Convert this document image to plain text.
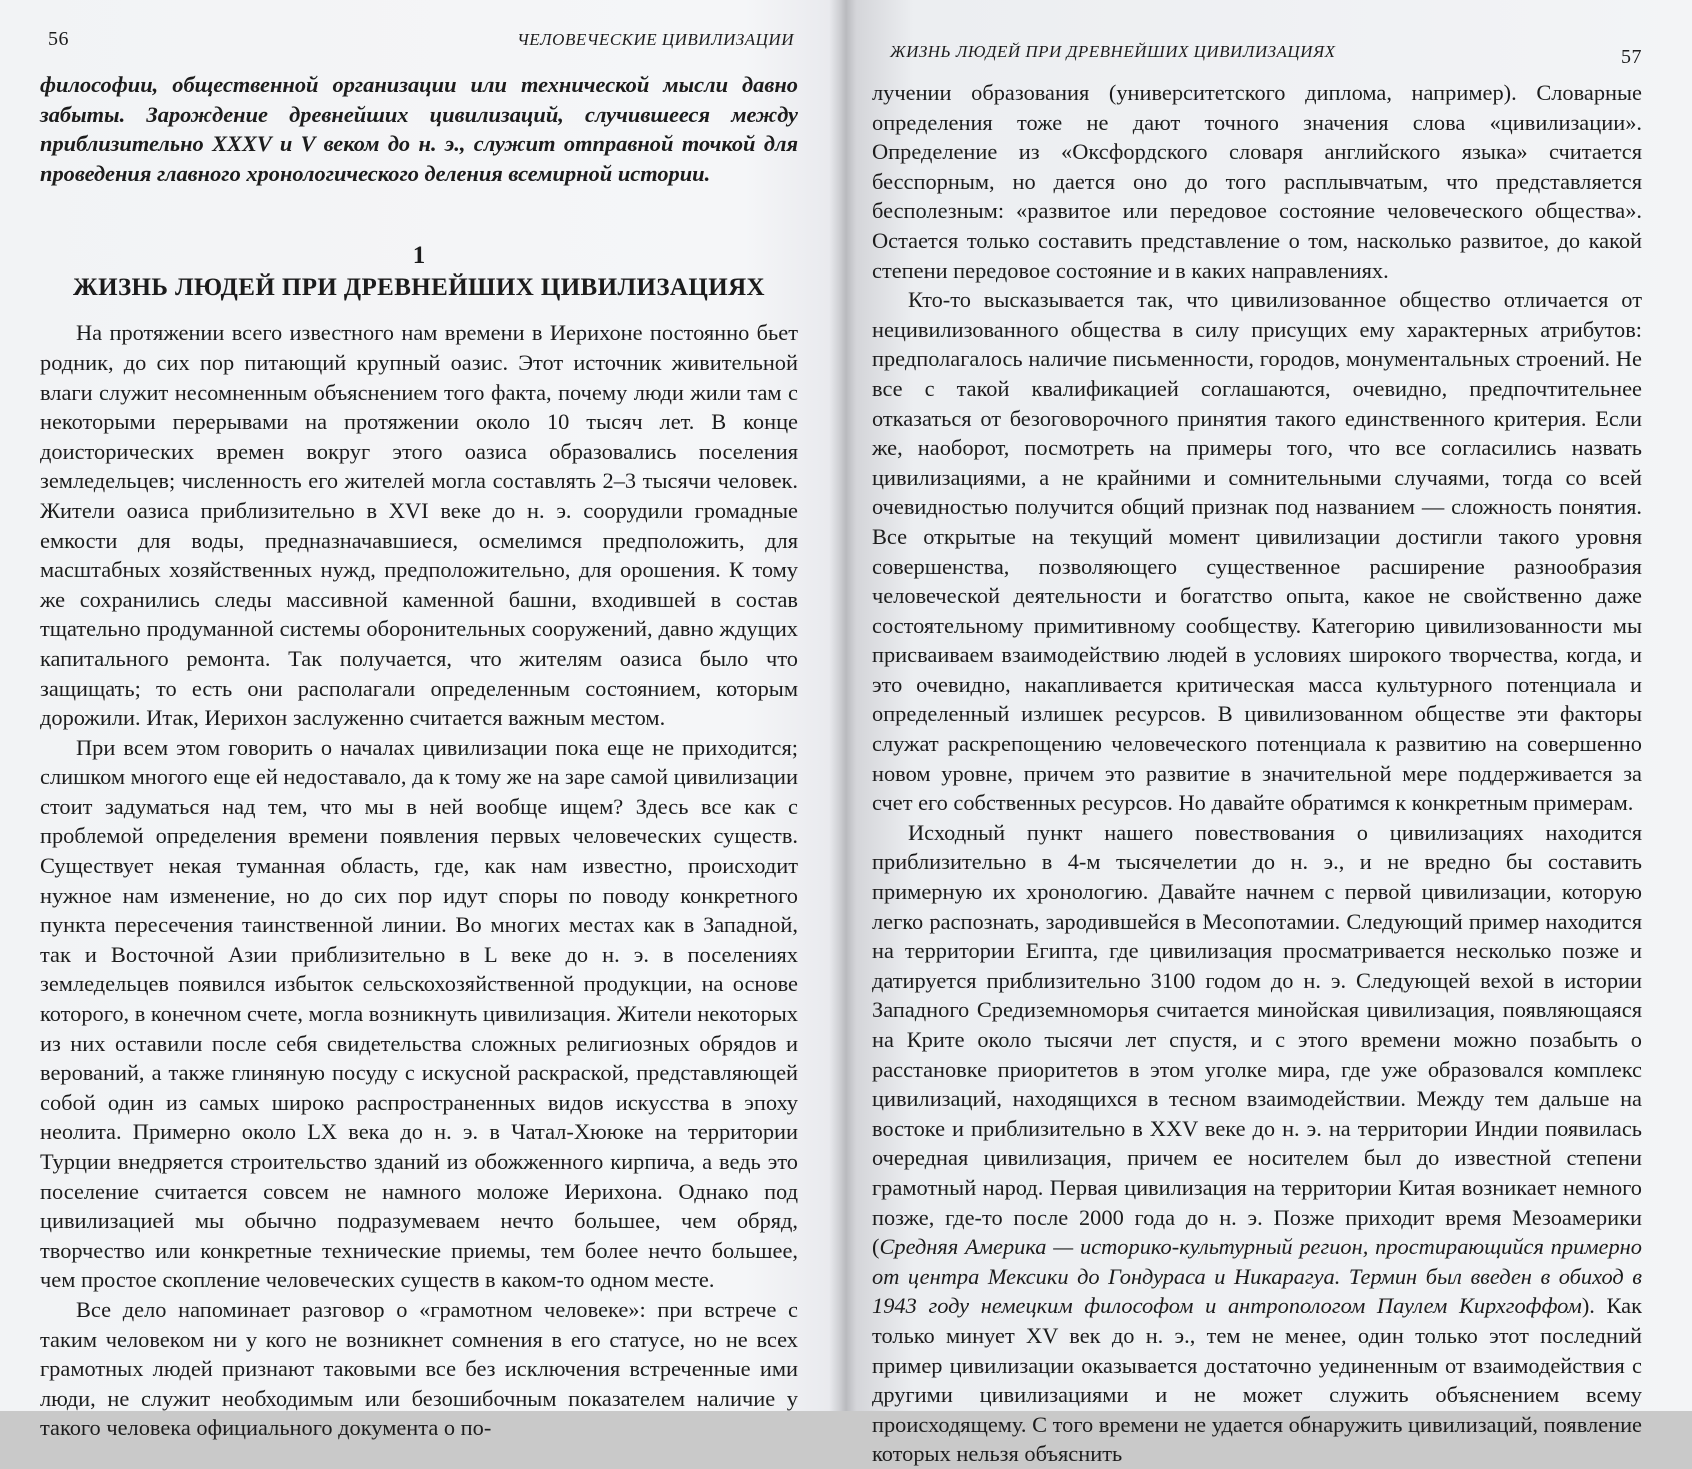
56	ЧЕЛОВЕЧЕСКИЕ ЦИВИЛИЗАЦИИ

философии, общественной организации или технической мысли давно забыты. Зарождение древнейших цивилизаций, случившееся между приблизительно XXXV и V веком до н. э., служит отправной точкой для проведения главного хронологического деления всемирной истории.

1
ЖИЗНЬ ЛЮДЕЙ ПРИ ДРЕВНЕЙШИХ ЦИВИЛИЗАЦИЯХ

На протяжении всего известного нам времени в Иерихоне постоянно бьет родник, до сих пор питающий крупный оазис. Этот источник живительной влаги служит несомненным объяснением того факта, почему люди жили там с некоторыми перерывами на протяжении около 10 тысяч лет. В конце доисторических времен вокруг этого оазиса образовались поселения земледельцев; численность его жителей могла составлять 2–3 тысячи человек. Жители оазиса приблизительно в XVI веке до н. э. соорудили громадные емкости для воды, предназначавшиеся, осмелимся предположить, для масштабных хозяйственных нужд, предположительно, для орошения. К тому же сохранились следы массивной каменной башни, входившей в состав тщательно продуманной системы оборонительных сооружений, давно ждущих капитального ремонта. Так получается, что жителям оазиса было что защищать; то есть они располагали определенным состоянием, которым дорожили. Итак, Иерихон заслуженно считается важным местом.

При всем этом говорить о началах цивилизации пока еще не приходится; слишком многого еще ей недоставало, да к тому же на заре самой цивилизации стоит задуматься над тем, что мы в ней вообще ищем? Здесь все как с проблемой определения времени появления первых человеческих существ. Существует некая туманная область, где, как нам известно, происходит нужное нам изменение, но до сих пор идут споры по поводу конкретного пункта пересечения таинственной линии. Во многих местах как в Западной, так и Восточной Азии приблизительно в L веке до н. э. в поселениях земледельцев появился избыток сельскохозяйственной продукции, на основе которого, в конечном счете, могла возникнуть цивилизация. Жители некоторых из них оставили после себя свидетельства сложных религиозных обрядов и верований, а также глиняную посуду с искусной раскраской, представляющей собой один из самых широко распространенных видов искусства в эпоху неолита. Примерно около LX века до н. э. в Чатал-Хююке на территории Турции внедряется строительство зданий из обожженного кирпича, а ведь это поселение считается совсем не намного моложе Иерихона. Однако под цивилизацией мы обычно подразумеваем нечто большее, чем обряд, творчество или конкретные технические приемы, тем более нечто большее, чем простое скопление человеческих существ в каком-то одном месте.

Все дело напоминает разговор о «грамотном человеке»: при встрече с таким человеком ни у кого не возникнет сомнения в его статусе, но не всех грамотных людей признают таковыми все без исключения встреченные ими люди, не служит необходимым или безошибочным показателем наличие у такого человека официального документа о по-

ЖИЗНЬ ЛЮДЕЙ ПРИ ДРЕВНЕЙШИХ ЦИВИЛИЗАЦИЯХ	57

лучении образования (университетского диплома, например). Словарные определения тоже не дают точного значения слова «цивилизации». Определение из «Оксфордского словаря английского языка» считается бесспорным, но дается оно до того расплывчатым, что представляется бесполезным: «развитое или передовое состояние человеческого общества». Остается только составить представление о том, насколько развитое, до какой степени передовое состояние и в каких направлениях.

Кто-то высказывается так, что цивилизованное общество отличается от нецивилизованного общества в силу присущих ему характерных атрибутов: предполагалось наличие письменности, городов, монументальных строений. Не все с такой квалификацией соглашаются, очевидно, предпочтительнее отказаться от безоговорочного принятия такого единственного критерия. Если же, наоборот, посмотреть на примеры того, что все согласились назвать цивилизациями, а не крайними и сомнительными случаями, тогда со всей очевидностью получится общий признак под названием — сложность понятия. Все открытые на текущий момент цивилизации достигли такого уровня совершенства, позволяющего существенное расширение разнообразия человеческой деятельности и богатство опыта, какое не свойственно даже состоятельному примитивному сообществу. Категорию цивилизованности мы присваиваем взаимодействию людей в условиях широкого творчества, когда, и это очевидно, накапливается критическая масса культурного потенциала и определенный излишек ресурсов. В цивилизованном обществе эти факторы служат раскрепощению человеческого потенциала к развитию на совершенно новом уровне, причем это развитие в значительной мере поддерживается за счет его собственных ресурсов. Но давайте обратимся к конкретным примерам.

Исходный пункт нашего повествования о цивилизациях находится приблизительно в 4-м тысячелетии до н. э., и не вредно бы составить примерную их хронологию. Давайте начнем с первой цивилизации, которую легко распознать, зародившейся в Месопотамии. Следующий пример находится на территории Египта, где цивилизация просматривается несколько позже и датируется приблизительно 3100 годом до н. э. Следующей вехой в истории Западного Средиземноморья считается минойская цивилизация, появляющаяся на Крите около тысячи лет спустя, и с этого времени можно позабыть о расстановке приоритетов в этом уголке мира, где уже образовался комплекс цивилизаций, находящихся в тесном взаимодействии. Между тем дальше на востоке и приблизительно в XXV веке до н. э. на территории Индии появилась очередная цивилизация, причем ее носителем был до известной степени грамотный народ. Первая цивилизация на территории Китая возникает немного позже, где-то после 2000 года до н. э. Позже приходит время Мезоамерики (Средняя Америка — историко-культурный регион, простирающийся примерно от центра Мексики до Гондураса и Никарагуа. Термин был введен в обиход в 1943 году немецким философом и антропологом Паулем Кирхгоффом). Как только минует XV век до н. э., тем не менее, один только этот последний пример цивилизации оказывается достаточно уединенным от взаимодействия с другими цивилизациями и не может служить объяснением всему происходящему. С того времени не удается обнаружить цивилизаций, появление которых нельзя объяснить
